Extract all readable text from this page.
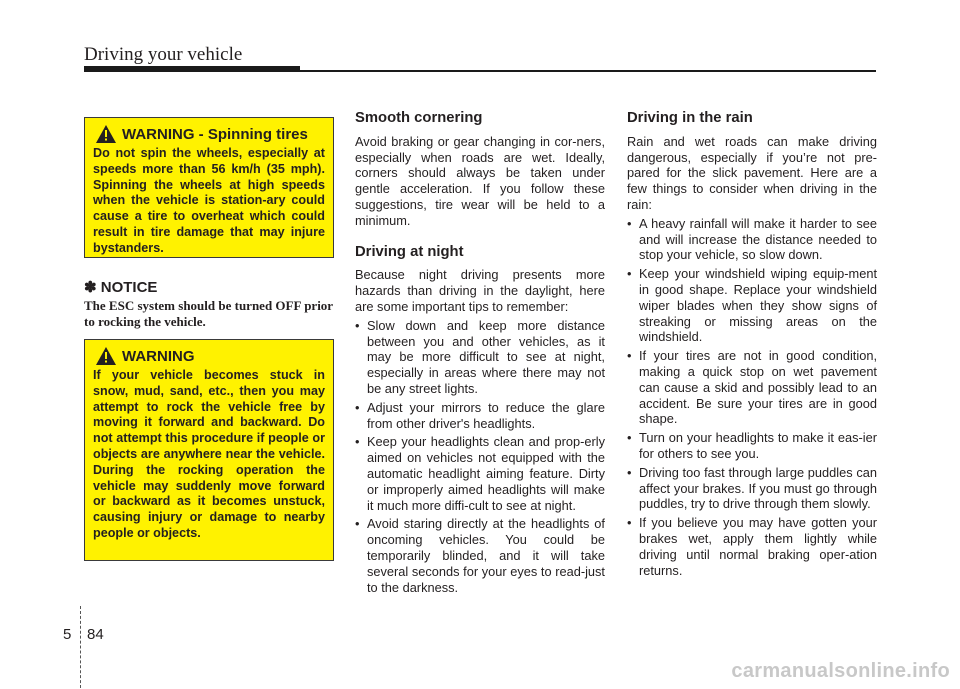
Driving your vehicle
WARNING - Spinning tires
Do not spin the wheels, especially at speeds more than 56 km/h (35 mph). Spinning the wheels at high speeds when the vehicle is station-ary could cause a tire to overheat which could result in tire damage that may injure bystanders.
✽ NOTICE
The ESC system should be turned OFF prior to rocking the vehicle.
WARNING
If your vehicle becomes stuck in snow, mud, sand, etc., then you may attempt to rock the vehicle free by moving it forward and backward. Do not attempt this procedure if people or objects are anywhere near the vehicle. During the rocking operation the vehicle may suddenly move forward or backward as it becomes unstuck, causing injury or damage to nearby people or objects.
Smooth cornering

Avoid braking or gear changing in cor-ners, especially when roads are wet. Ideally, corners should always be taken under gentle acceleration. If you follow these suggestions, tire wear will be held to a minimum.

Driving at night

Because night driving presents more hazards than driving in the daylight, here are some important tips to remember:

• Slow down and keep more distance between you and other vehicles, as it may be more difficult to see at night, especially in areas where there may not be any street lights.
• Adjust your mirrors to reduce the glare from other driver's headlights.
• Keep your headlights clean and prop-erly aimed on vehicles not equipped with the automatic headlight aiming feature. Dirty or improperly aimed headlights will make it much more diffi-cult to see at night.
• Avoid staring directly at the headlights of oncoming vehicles. You could be temporarily blinded, and it will take several seconds for your eyes to read-just to the darkness.
Driving in the rain

Rain and wet roads can make driving dangerous, especially if you’re not pre-pared for the slick pavement. Here are a few things to consider when driving in the rain:

• A heavy rainfall will make it harder to see and will increase the distance needed to stop your vehicle, so slow down.
• Keep your windshield wiping equip-ment in good shape. Replace your windshield wiper blades when they show signs of streaking or missing areas on the windshield.
• If your tires are not in good condition, making a quick stop on wet pavement can cause a skid and possibly lead to an accident. Be sure your tires are in good shape.
• Turn on your headlights to make it eas-ier for others to see you.
• Driving too fast through large puddles can affect your brakes. If you must go through puddles, try to drive through them slowly.
• If you believe you may have gotten your brakes wet, apply them lightly while driving until normal braking oper-ation returns.
5 84
carmanualsonline.info
